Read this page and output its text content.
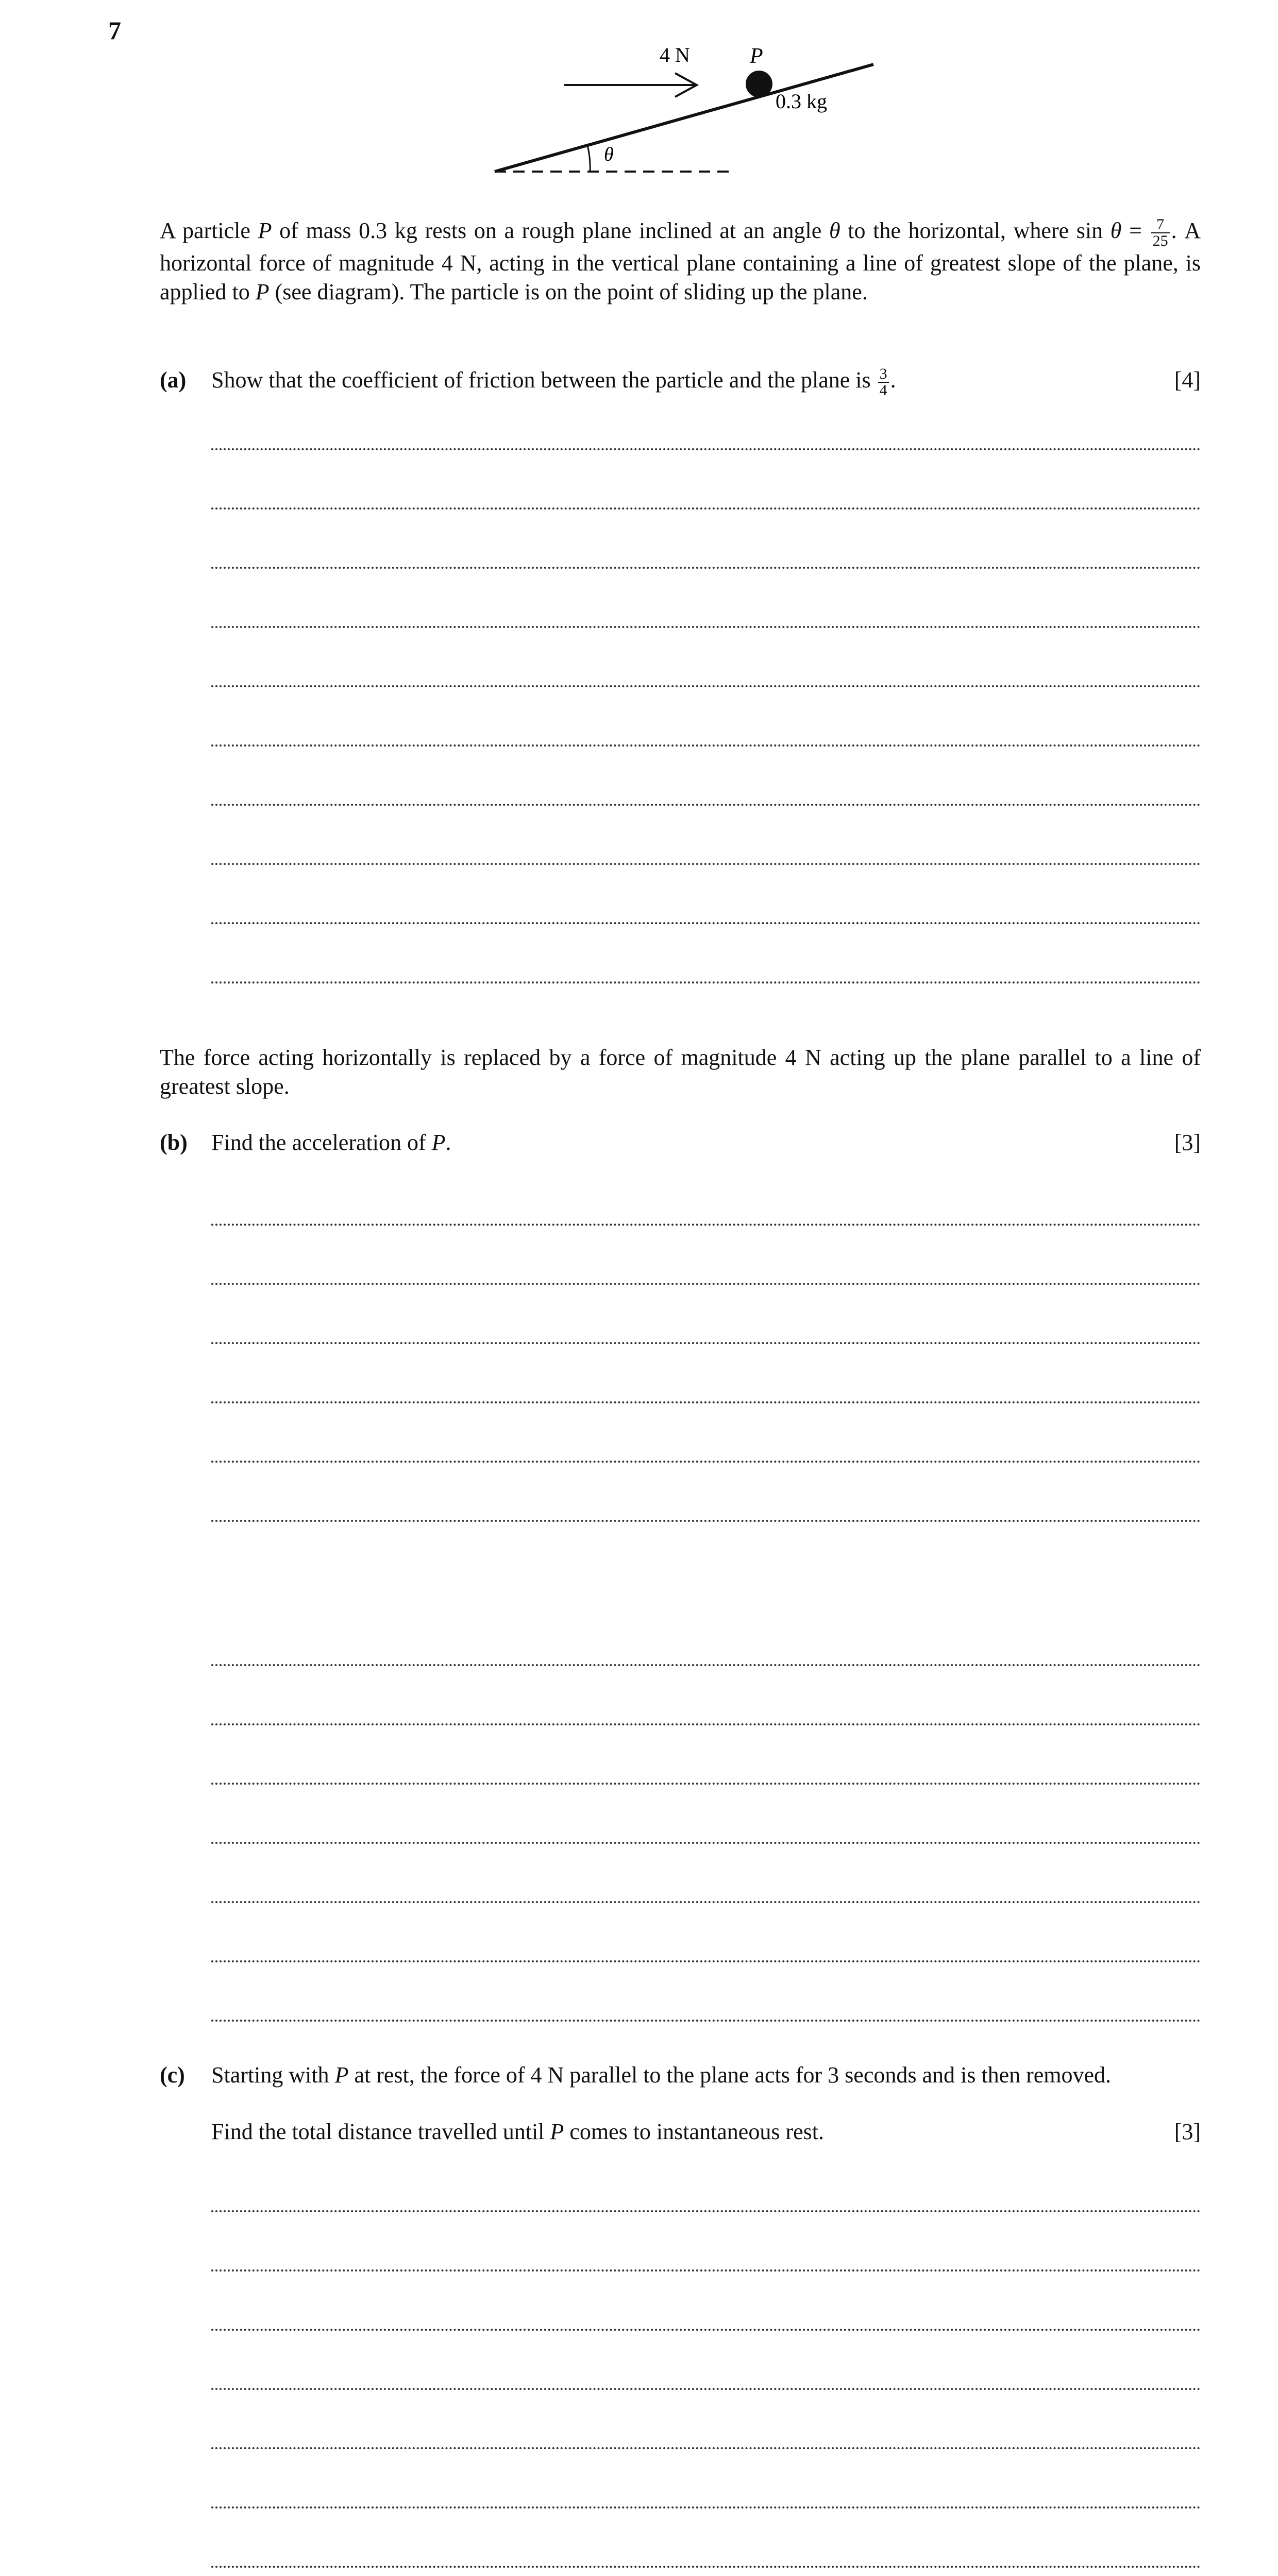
7
θ
4 N	P
0.3 kg
A particle P of mass 0.3 kg rests on a rough plane inclined at an angle θ to the horizontal, where $\sin \theta = \frac{7}{25}$ . A horizontal force of magnitude 4 N, acting in the vertical plane containing a line of greatest slope of the plane, is applied to P (see diagram). The particle is on the point of sliding up the plane.
(a) Show that the coefficient of friction between the particle and the plane is $\frac{3}{4}$ .	[4]
The force acting horizontally is replaced by a force of magnitude 4 N acting up the plane parallel to a line of greatest slope.
(b) Find the acceleration of P.	[3]
(c) Starting with P at rest, the force of 4 N parallel to the plane acts for 3 seconds and is then removed.
Find the total distance travelled until P comes to instantaneous rest.	[3]
